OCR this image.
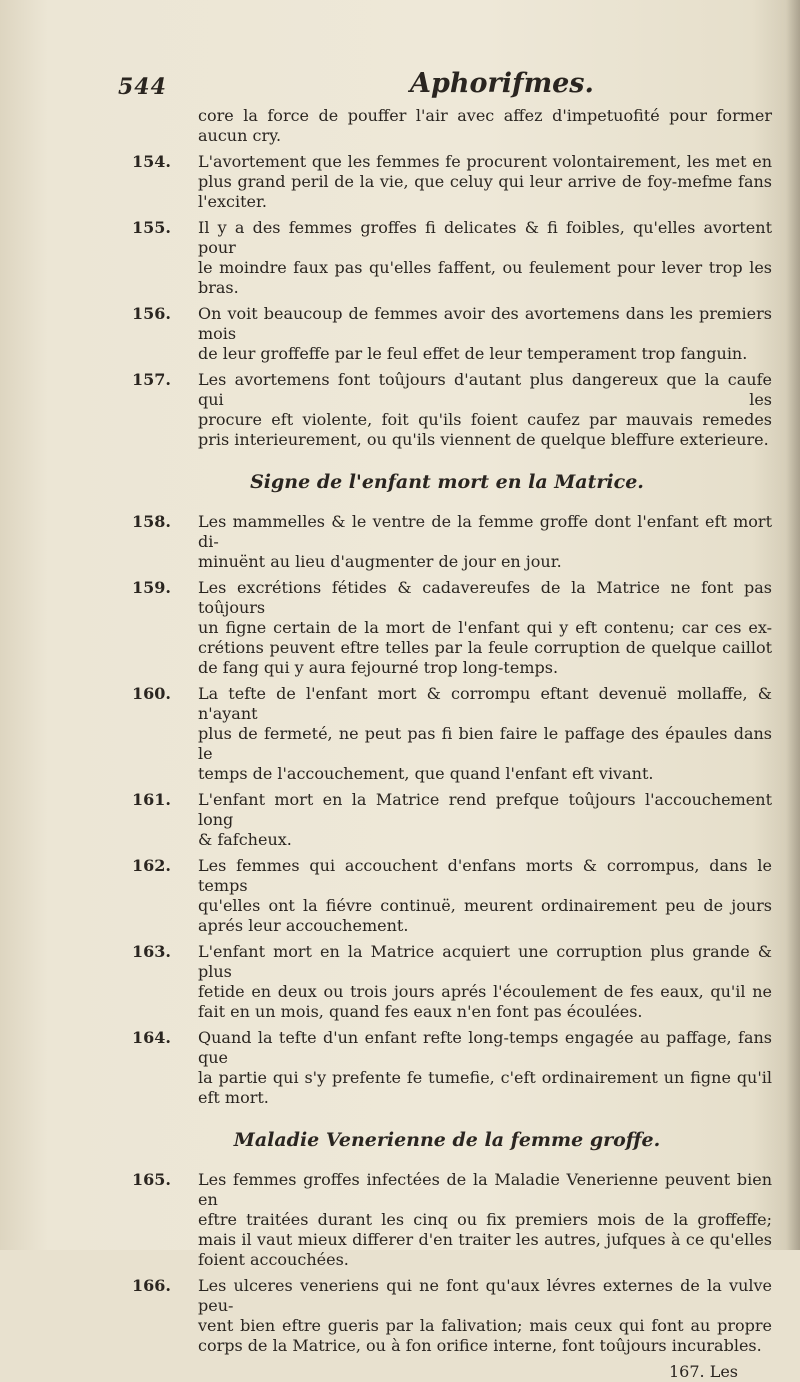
544	Aphorifmes.
core la force de pouffer l'air avec affez d'impetuofité pour former
aucun cry.
154. L'avortement que les femmes fe procurent volontairement, les met en
plus grand peril de la vie, que celuy qui leur arrive de foy-mefme fans
l'exciter.
155. Il y a des femmes groffes fi delicates & fi foibles, qu'elles avortent pour
le moindre faux pas qu'elles faffent, ou feulement pour lever trop les
bras.
156. On voit beaucoup de femmes avoir des avortemens dans les premiers mois
de leur groffeffe par le feul effet de leur temperament trop fanguin.
157. Les avortemens font toûjours d'autant plus dangereux que la caufe qui les
procure eft violente, foit qu'ils foient caufez par mauvais remedes
pris interieurement, ou qu'ils viennent de quelque bleffure exterieure.
Signe de l'enfant mort en la Matrice.
158. Les mammelles & le ventre de la femme groffe dont l'enfant eft mort di-
minuënt au lieu d'augmenter de jour en jour.
159. Les excrétions fétides & cadavereufes de la Matrice ne font pas toûjours
un figne certain de la mort de l'enfant qui y eft contenu; car ces ex-
crétions peuvent eftre telles par la feule corruption de quelque caillot
de fang qui y aura fejourné trop long-temps.
160. La tefte de l'enfant mort & corrompu eftant devenuë mollaffe, & n'ayant
plus de fermeté, ne peut pas fi bien faire le paffage des épaules dans le
temps de l'accouchement, que quand l'enfant eft vivant.
161. L'enfant mort en la Matrice rend prefque toûjours l'accouchement long
& fafcheux.
162. Les femmes qui accouchent d'enfans morts & corrompus, dans le temps
qu'elles ont la fiévre continuë, meurent ordinairement peu de jours
aprés leur accouchement.
163. L'enfant mort en la Matrice acquiert une corruption plus grande & plus
fetide en deux ou trois jours aprés l'écoulement de fes eaux, qu'il ne
fait en un mois, quand fes eaux n'en font pas écoulées.
164. Quand la tefte d'un enfant refte long-temps engagée au paffage, fans que
la partie qui s'y prefente fe tumefie, c'eft ordinairement un figne qu'il
eft mort.
Maladie Venerienne de la femme groffe.
165. Les femmes groffes infectées de la Maladie Venerienne peuvent bien en
eftre traitées durant les cinq ou fix premiers mois de la groffeffe;
mais il vaut mieux differer d'en traiter les autres, jufques à ce qu'elles
foient accouchées.
166. Les ulceres veneriens qui ne font qu'aux lévres externes de la vulve peu-
vent bien eftre gueris par la falivation; mais ceux qui font au propre
corps de la Matrice, ou à fon orifice interne, font toûjours incurables.
167. Les
